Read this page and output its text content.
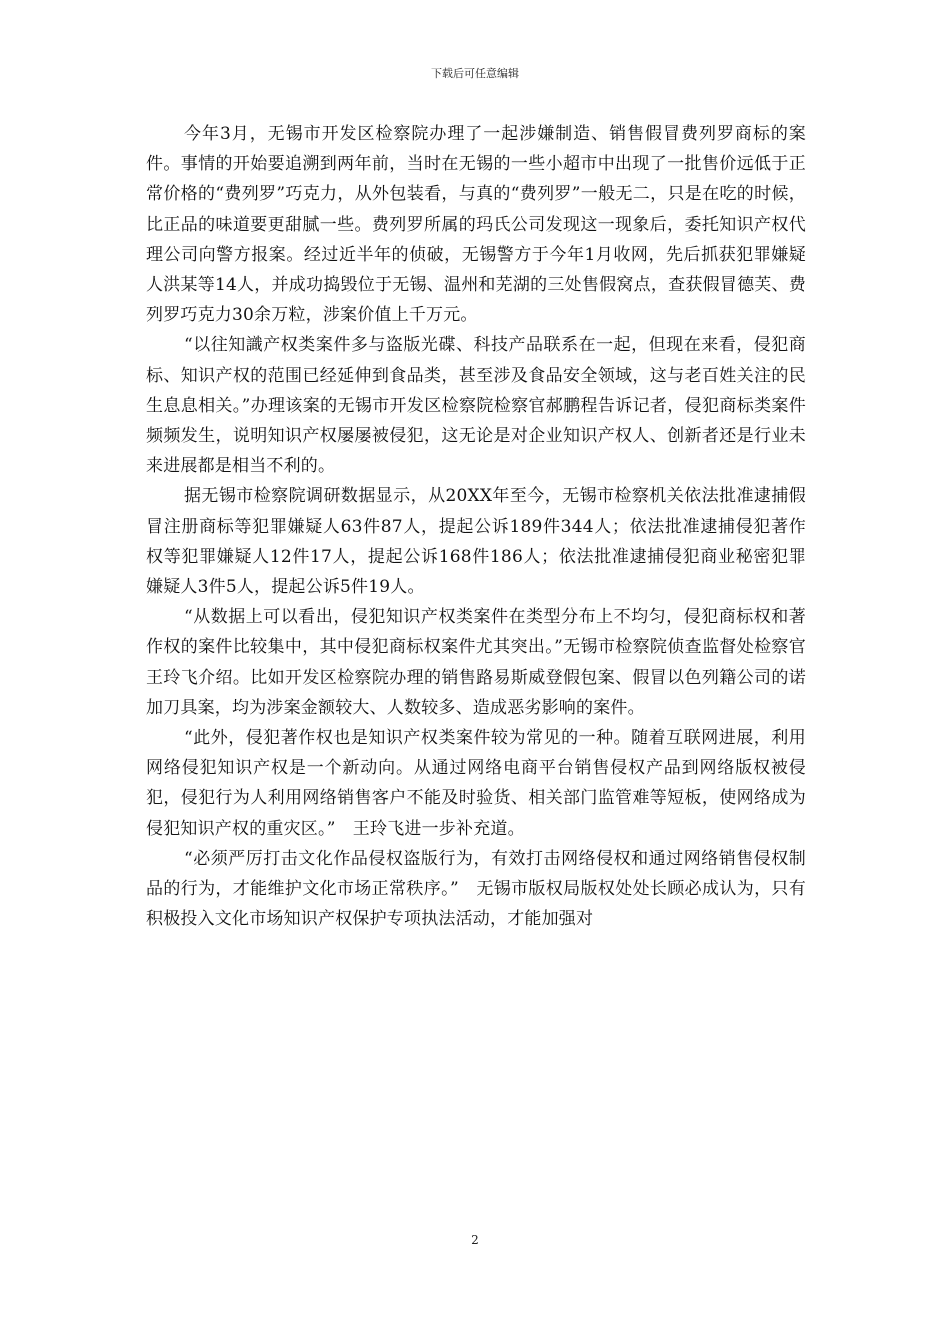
下载后可任意编辑

今年3月，无锡市开发区检察院办理了一起涉嫌制造、销售假冒费列罗商标的案件。事情的开始要追溯到两年前，当时在无锡的一些小超市中出现了一批售价远低于正常价格的“费列罗”巧克力，从外包装看，与真的“费列罗”一般无二，只是在吃的时候，比正品的味道要更甜腻一些。费列罗所属的玛氏公司发现这一现象后，委托知识产权代理公司向警方报案。经过近半年的侦破，无锡警方于今年1月收网，先后抓获犯罪嫌疑人洪某等14人，并成功捣毁位于无锡、温州和芜湖的三处售假窝点，查获假冒德芙、费列罗巧克力30余万粒，涉案价值上千万元。

“以往知識产权类案件多与盗版光碟、科技产品联系在一起，但现在来看，侵犯商标、知识产权的范围已经延伸到食品类，甚至涉及食品安全领域，这与老百姓关注的民生息息相关。”办理该案的无锡市开发区检察院检察官郝鹏程告诉记者，侵犯商标类案件频频发生，说明知识产权屡屡被侵犯，这无论是对企业知识产权人、创新者还是行业未来进展都是相当不利的。

据无锡市检察院调研数据显示，从20XX年至今，无锡市检察机关依法批准逮捕假冒注册商标等犯罪嫌疑人63件87人，提起公诉189件344人；依法批准逮捕侵犯著作权等犯罪嫌疑人12件17人，提起公诉168件186人；依法批准逮捕侵犯商业秘密犯罪嫌疑人3件5人，提起公诉5件19人。

“从数据上可以看出，侵犯知识产权类案件在类型分布上不均匀，侵犯商标权和著作权的案件比较集中，其中侵犯商标权案件尤其突出。”无锡市检察院侦查监督处检察官王玲飞介绍。比如开发区检察院办理的销售路易斯威登假包案、假冒以色列籍公司的诺加刀具案，均为涉案金额较大、人数较多、造成恶劣影响的案件。

“此外，侵犯著作权也是知识产权类案件较为常见的一种。随着互联网进展，利用网络侵犯知识产权是一个新动向。从通过网络电商平台销售侵权产品到网络版权被侵犯，侵犯行为人利用网络销售客户不能及时验货、相关部门监管难等短板，使网络成为侵犯知识产权的重灾区。”　王玲飞进一步补充道。

“必须严厉打击文化作品侵权盗版行为，有效打击网络侵权和通过网络销售侵权制品的行为，才能维护文化市场正常秩序。”　无锡市版权局版权处处长顾必成认为，只有积极投入文化市场知识产权保护专项执法活动，才能加强对

2
